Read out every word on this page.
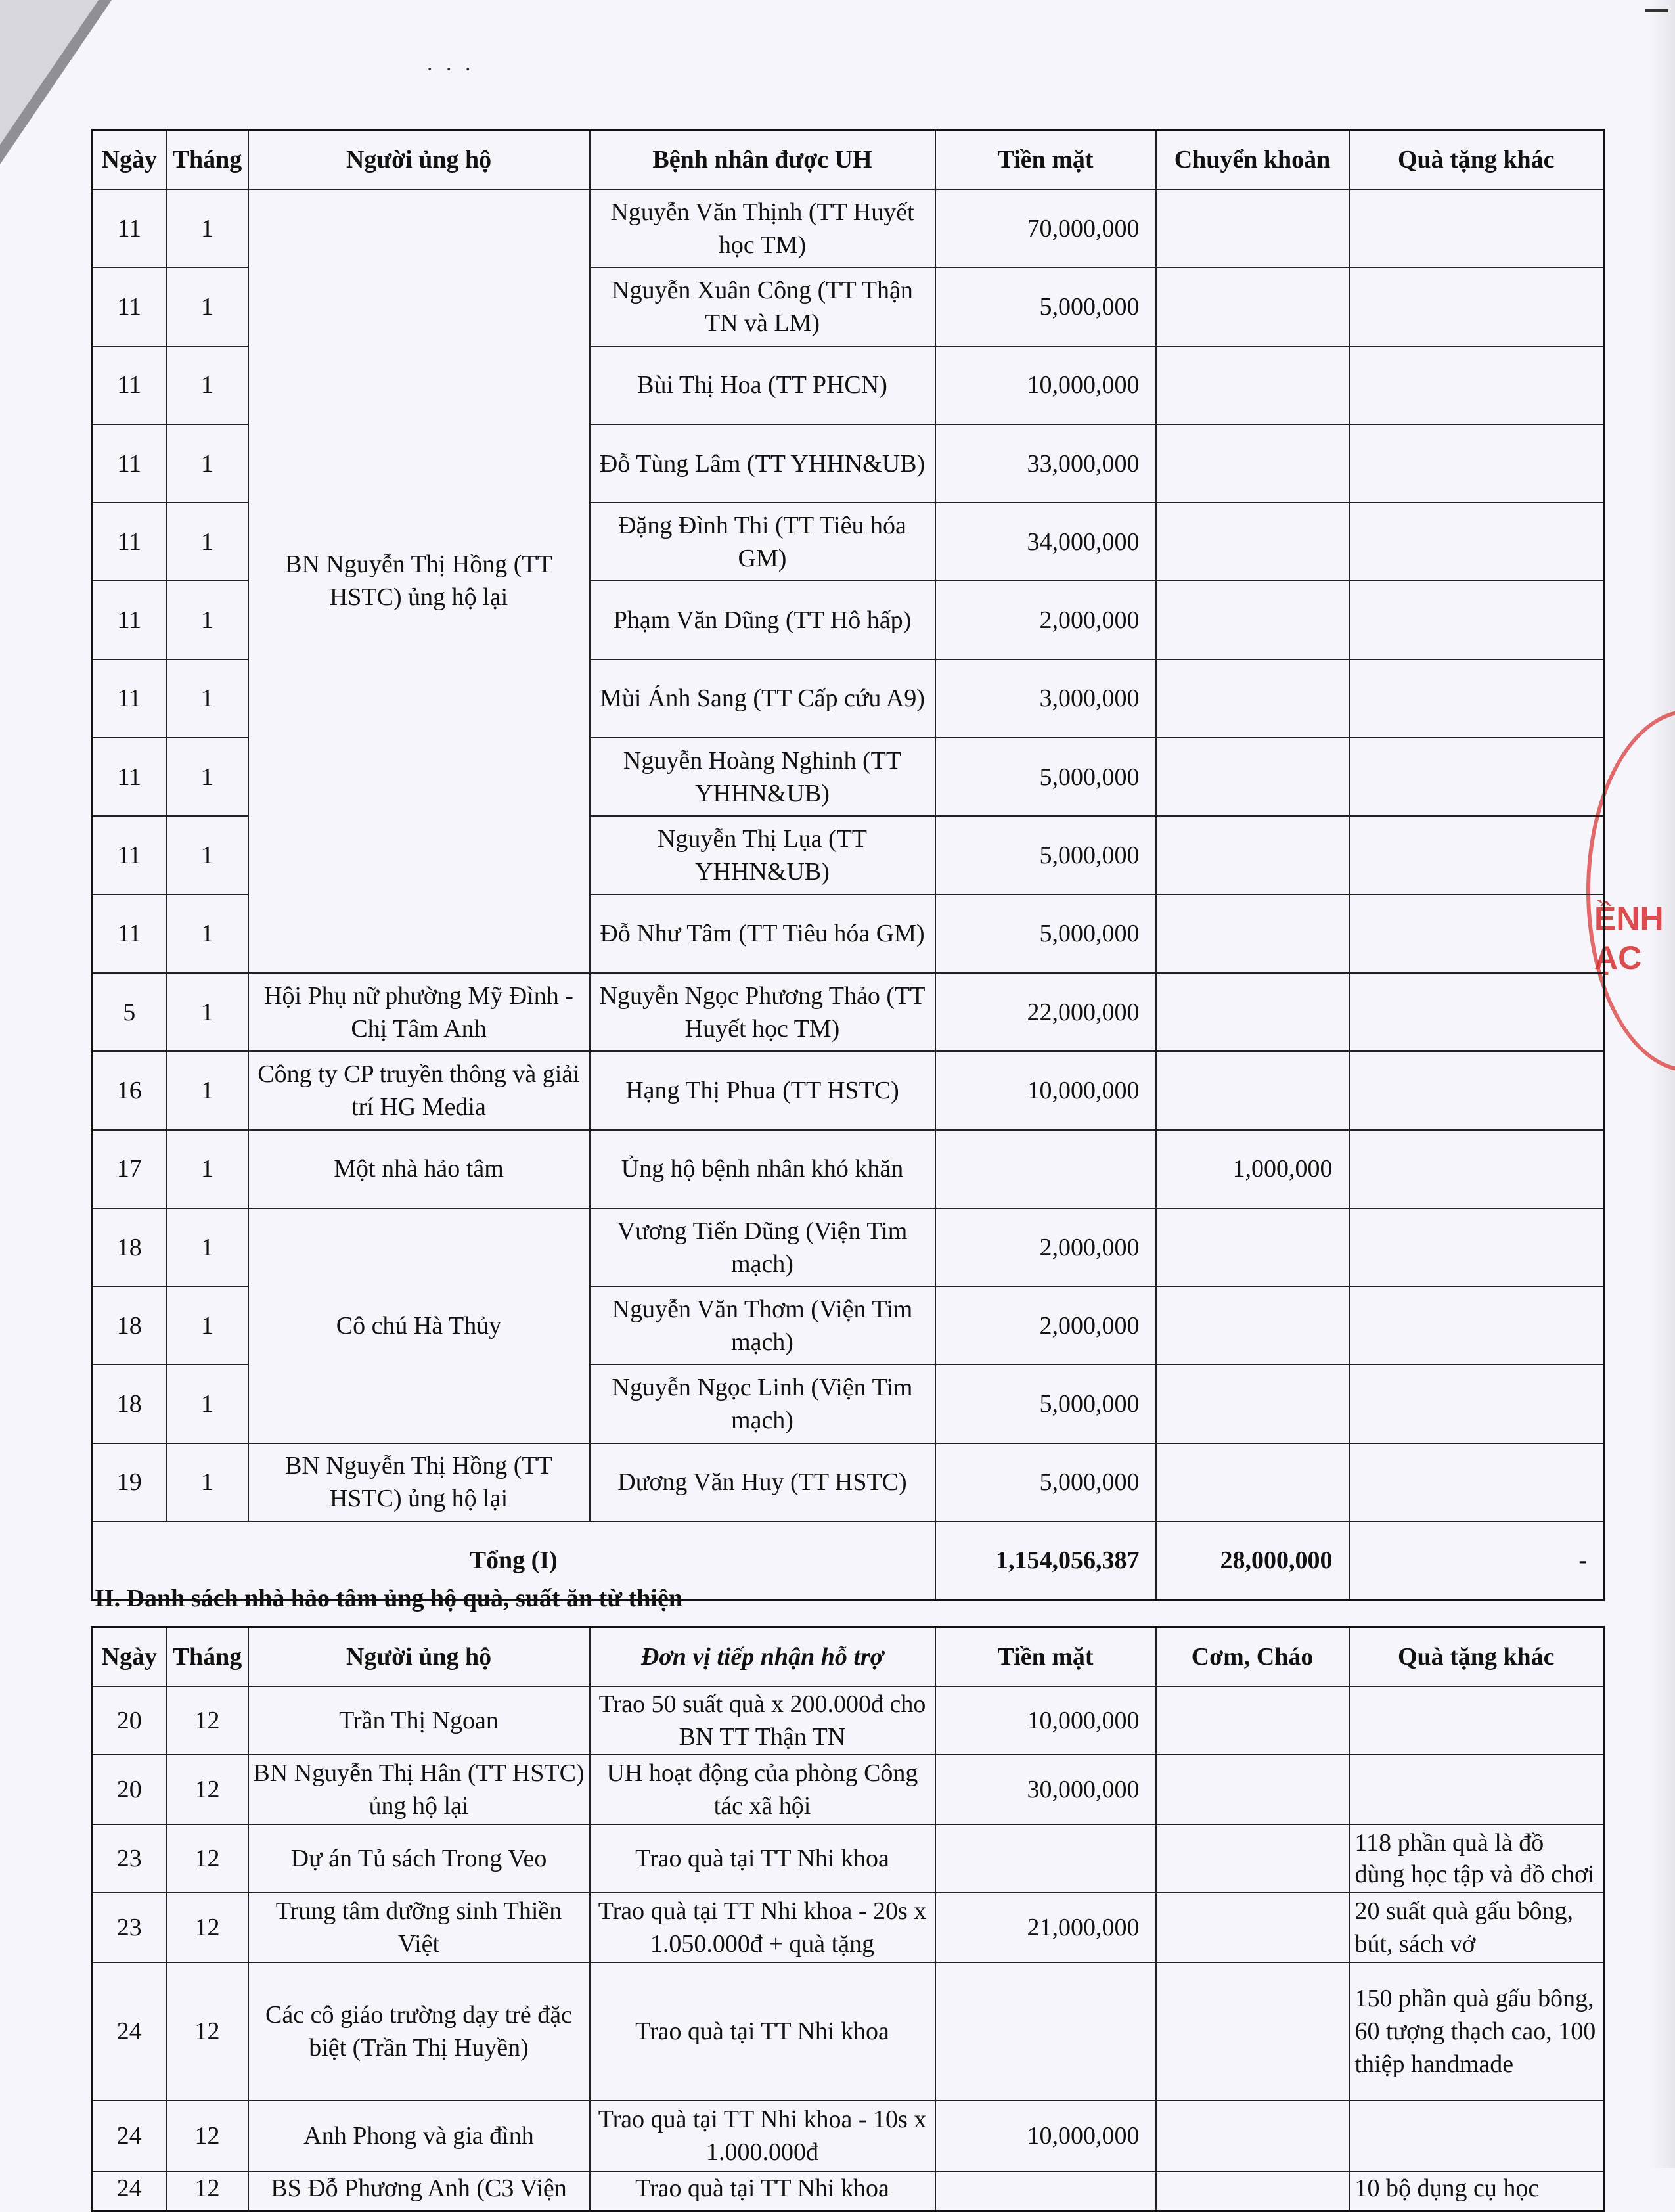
. . .
ỀNH
ẠC
Ngày	Tháng	Người ủng hộ	Bệnh nhân được UH	Tiền mặt	Chuyển khoản	Quà tặng khác
11	1	BN Nguyễn Thị Hồng (TT HSTC) ủng hộ lại	Nguyễn Văn Thịnh (TT Huyết học TM)	70,000,000		
11	1		Nguyễn Xuân Công (TT Thận TN và LM)	5,000,000		
11	1		Bùi Thị Hoa (TT PHCN)	10,000,000		
11	1		Đỗ Tùng Lâm (TT YHHN&UB)	33,000,000		
11	1		Đặng Đình Thi (TT Tiêu hóa GM)	34,000,000		
11	1		Phạm Văn Dũng (TT Hô hấp)	2,000,000		
11	1		Mùi Ánh Sang (TT Cấp cứu A9)	3,000,000		
11	1		Nguyễn Hoàng Nghinh (TT YHHN&UB)	5,000,000		
11	1		Nguyễn Thị Lụa (TT YHHN&UB)	5,000,000		
11	1		Đỗ Như Tâm (TT Tiêu hóa GM)	5,000,000		
5	1	Hội Phụ nữ phường Mỹ Đình - Chị Tâm Anh	Nguyễn Ngọc Phương Thảo (TT Huyết học TM)	22,000,000		
16	1	Công ty CP truyền thông và giải trí HG Media	Hạng Thị Phua (TT HSTC)	10,000,000		
17	1	Một nhà hảo tâm	Ủng hộ bệnh nhân khó khăn		1,000,000	
18	1	Cô chú Hà Thủy	Vương Tiến Dũng (Viện Tim mạch)	2,000,000		
18	1		Nguyễn Văn Thơm (Viện Tim mạch)	2,000,000		
18	1		Nguyễn Ngọc Linh (Viện Tim mạch)	5,000,000		
19	1	BN Nguyễn Thị Hồng (TT HSTC) ủng hộ lại	Dương Văn Huy (TT HSTC)	5,000,000		
Tổng (I)				1,154,056,387	28,000,000	-
II. Danh sách nhà hảo tâm ủng hộ quà, suất ăn từ thiện
Ngày	Tháng	Người ủng hộ	Đơn vị tiếp nhận hỗ trợ	Tiền mặt	Cơm, Cháo	Quà tặng khác
20	12	Trần Thị Ngoan	Trao 50 suất quà x 200.000đ cho BN TT Thận TN	10,000,000		
20	12	BN Nguyễn Thị Hân (TT HSTC) ủng hộ lại	UH hoạt động của phòng Công tác xã hội	30,000,000		
23	12	Dự án Tủ sách Trong Veo	Trao quà tại TT Nhi khoa			118 phần quà là đồ dùng học tập và đồ chơi
23	12	Trung tâm dưỡng sinh Thiền Việt	Trao quà tại TT Nhi khoa - 20s x 1.050.000đ + quà tặng	21,000,000		20 suất quà gấu bông, bút, sách vở
24	12	Các cô giáo trường dạy trẻ đặc biệt (Trần Thị Huyền)	Trao quà tại TT Nhi khoa			150 phần quà gấu bông, 60 tượng thạch cao, 100 thiệp handmade
24	12	Anh Phong và gia đình	Trao quà tại TT Nhi khoa - 10s x 1.000.000đ	10,000,000		
24	12	BS Đỗ Phương Anh (C3 Viện	Trao quà tại TT Nhi khoa			10 bộ dụng cụ học
